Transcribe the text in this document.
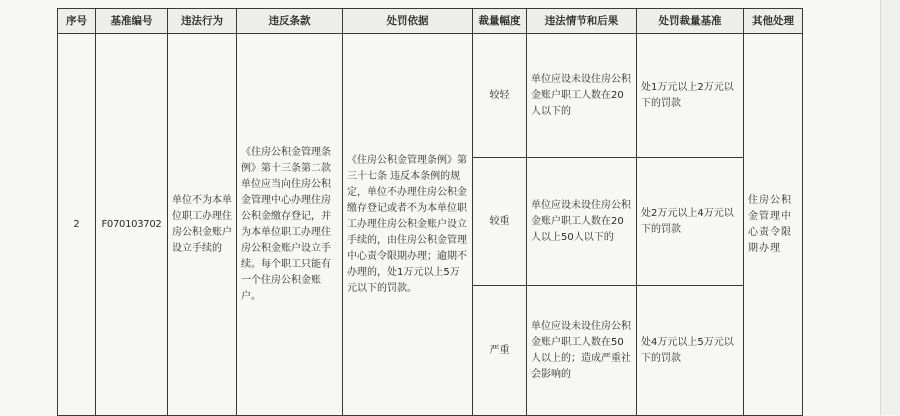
序号	基准编号	违法行为	违反条款	处罚依据	裁量幅度	违法情节和后果	处罚裁量基准	其他处理
2	F070103702	单位不为本单位职工办理住房公积金账户设立手续的	《住房公积金管理条例》第十三条第二款 单位应当向住房公积金管理中心办理住房公积金缴存登记，并为本单位职工办理住房公积金账户设立手续。每个职工只能有一个住房公积金账户。	《住房公积金管理条例》第三十七条 违反本条例的规定，单位不办理住房公积金缴存登记或者不为本单位职工办理住房公积金账户设立手续的，由住房公积金管理中心责令限期办理；逾期不办理的，处1万元以上5万元以下的罚款。	较轻	单位应设未设住房公积金账户职工人数在20人以下的	处1万元以上2万元以下的罚款	住房公积金管理中心责令限期办理
					较重	单位应设未设住房公积金账户职工人数在20人以上50人以下的	处2万元以上4万元以下的罚款	
					严重	单位应设未设住房公积金账户职工人数在50人以上的；造成严重社会影响的	处4万元以上5万元以下的罚款	
